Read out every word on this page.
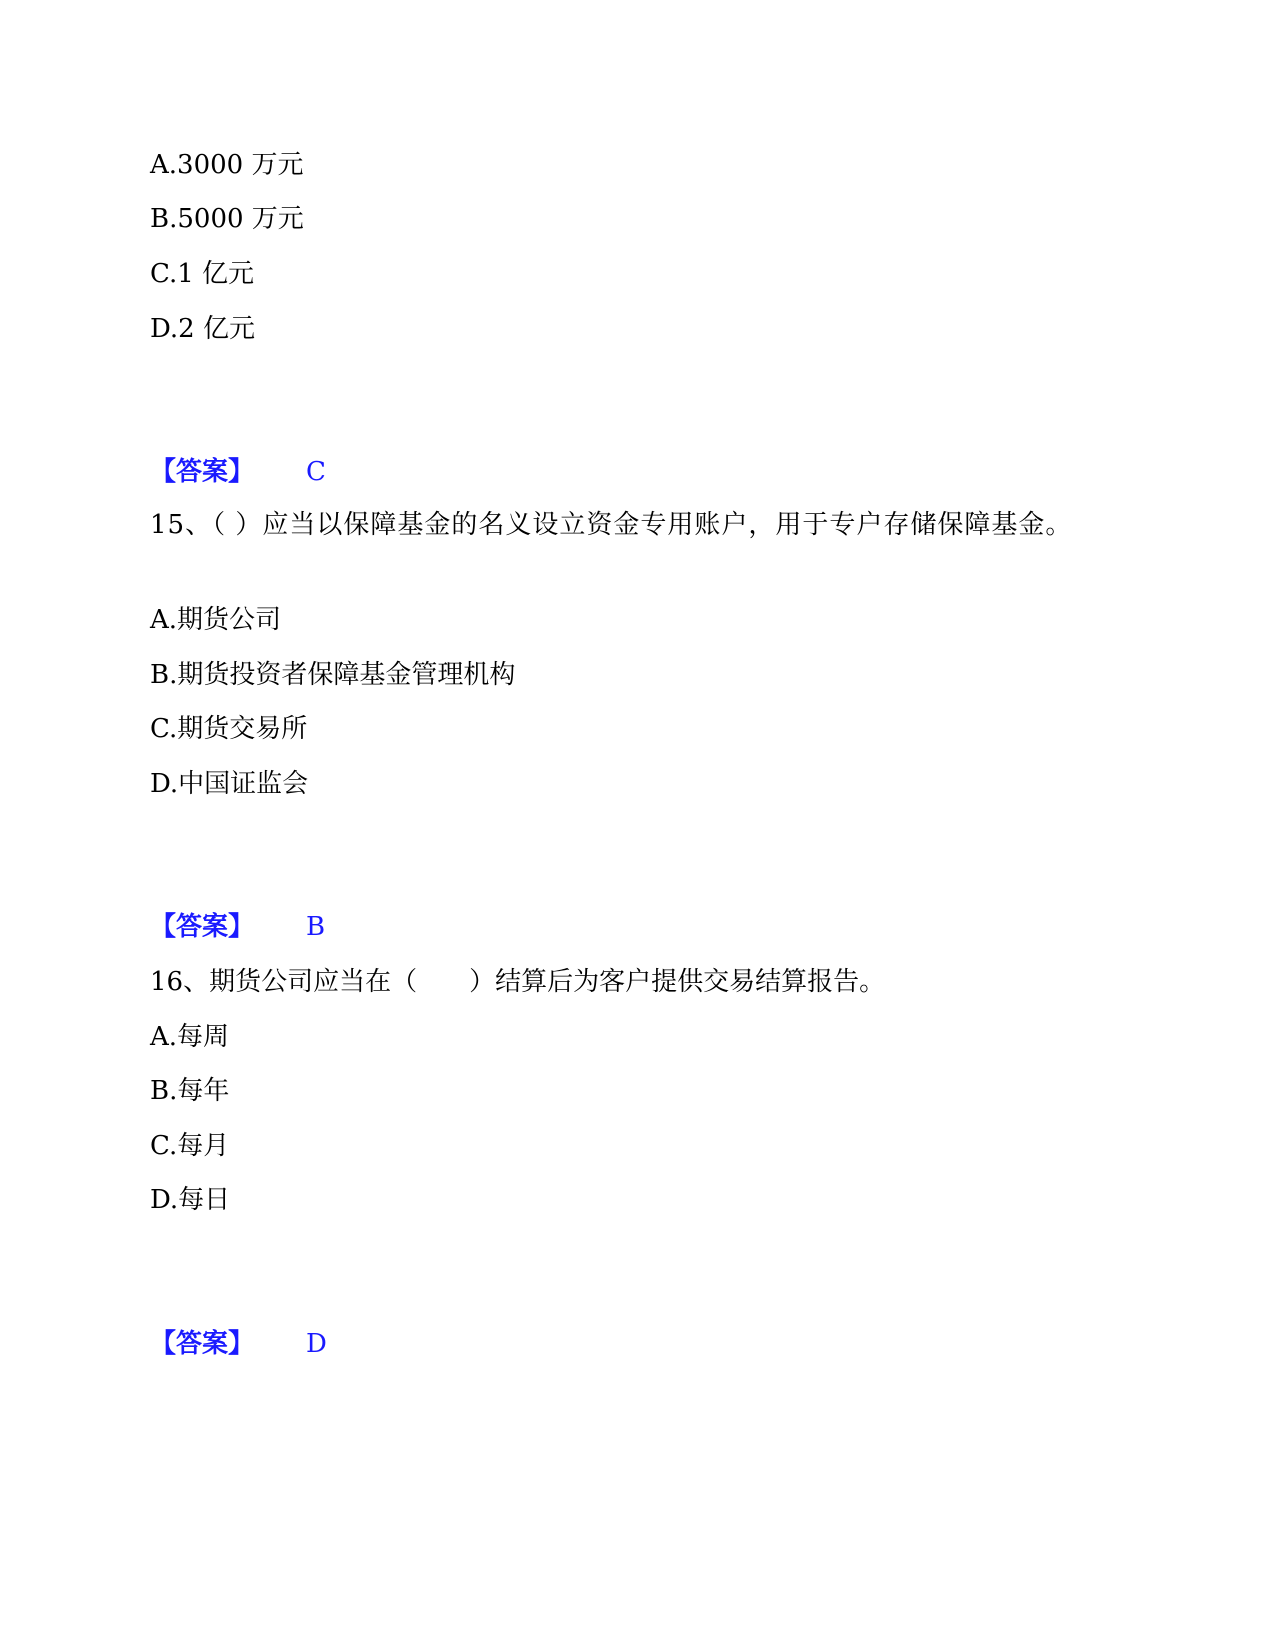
A.3000 万元
B.5000 万元
C.1 亿元
D.2 亿元
【答案】 C
15、（ ）应当以保障基金的名义设立资金专用账户，用于专户存储保障基金。
A.期货公司
B.期货投资者保障基金管理机构
C.期货交易所
D.中国证监会
【答案】 B
16、期货公司应当在（　　）结算后为客户提供交易结算报告。
A.每周
B.每年
C.每月
D.每日
【答案】 D
